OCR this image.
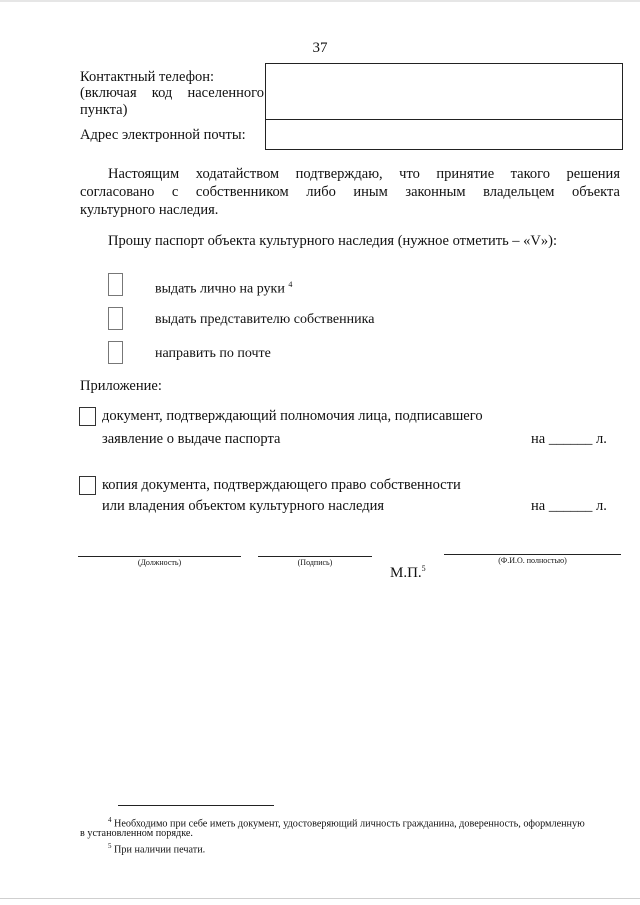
37
Контактный телефон:
(включая код населенного
пункта)
Адрес электронной почты:
Настоящим ходатайством подтверждаю, что принятие такого решения
согласовано с собственником либо иным законным владельцем объекта
культурного наследия.
Прошу паспорт объекта культурного наследия (нужное отметить – «V»):
выдать лично на руки $^4$
выдать представителю собственника
направить по почте
Приложение:
документ, подтверждающий полномочия лица, подписавшего
заявление о выдаче паспорта	на ______ л.
копия документа, подтверждающего право собственности
или владения объектом культурного наследия	на ______ л.
(Должность)	(Подпись)
М.П.$^5$
(Ф.И.О. полностью)
$^4$ Необходимо при себе иметь документ, удостоверяющий личность гражданина, доверенность, оформленную
в установленном порядке.
$^5$ При наличии печати.
